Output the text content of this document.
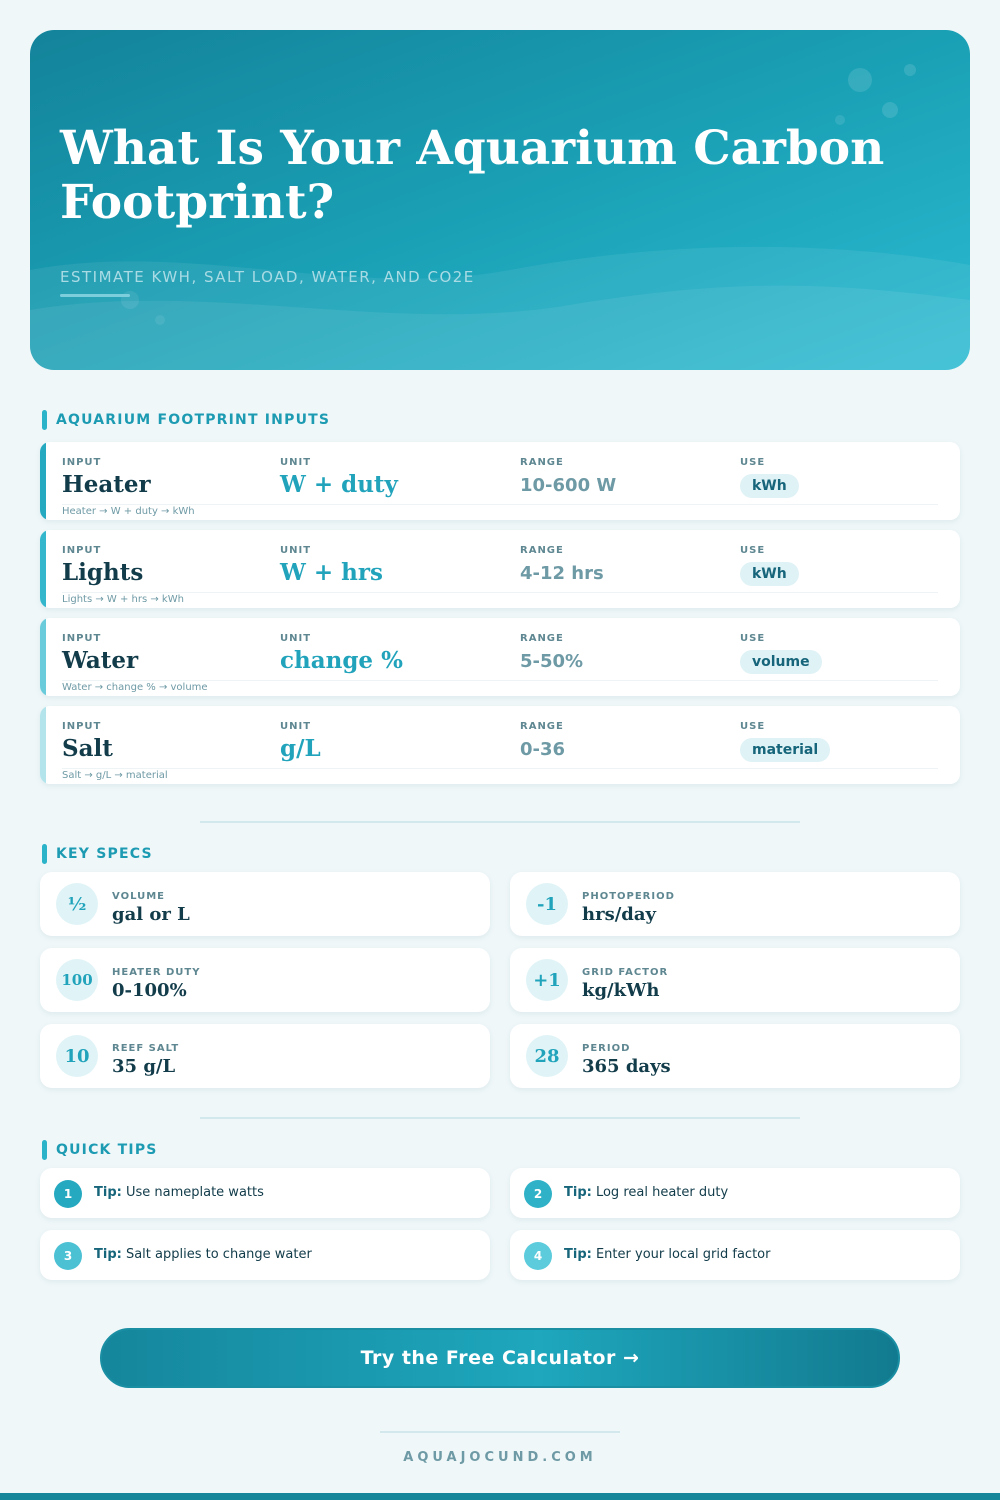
What Is Your Aquarium Carbon Footprint?
ESTIMATE KWH, SALT LOAD, WATER, AND CO2E
AQUARIUM FOOTPRINT INPUTS
INPUT
Heater
UNIT
W + duty
RANGE
10-600 W
USE
kWh
Heater → W + duty → kWh
INPUT
Lights
UNIT
W + hrs
RANGE
4-12 hrs
USE
kWh
Lights → W + hrs → kWh
INPUT
Water
UNIT
change %
RANGE
5-50%
USE
volume
Water → change % → volume
INPUT
Salt
UNIT
g/L
RANGE
0-36
USE
material
Salt → g/L → material
KEY SPECS
½	VOLUME
gal or L	-1	PHOTOPERIOD
hrs/day
100	HEATER DUTY
0-100%	+1	GRID FACTOR
kg/kWh
10	REEF SALT
35 g/L	28	PERIOD
365 days
QUICK TIPS
1	Tip: Use nameplate watts	2	Tip: Log real heater duty
3	Tip: Salt applies to change water	4	Tip: Enter your local grid factor
Try the Free Calculator →
AQUAJOCUND.COM
